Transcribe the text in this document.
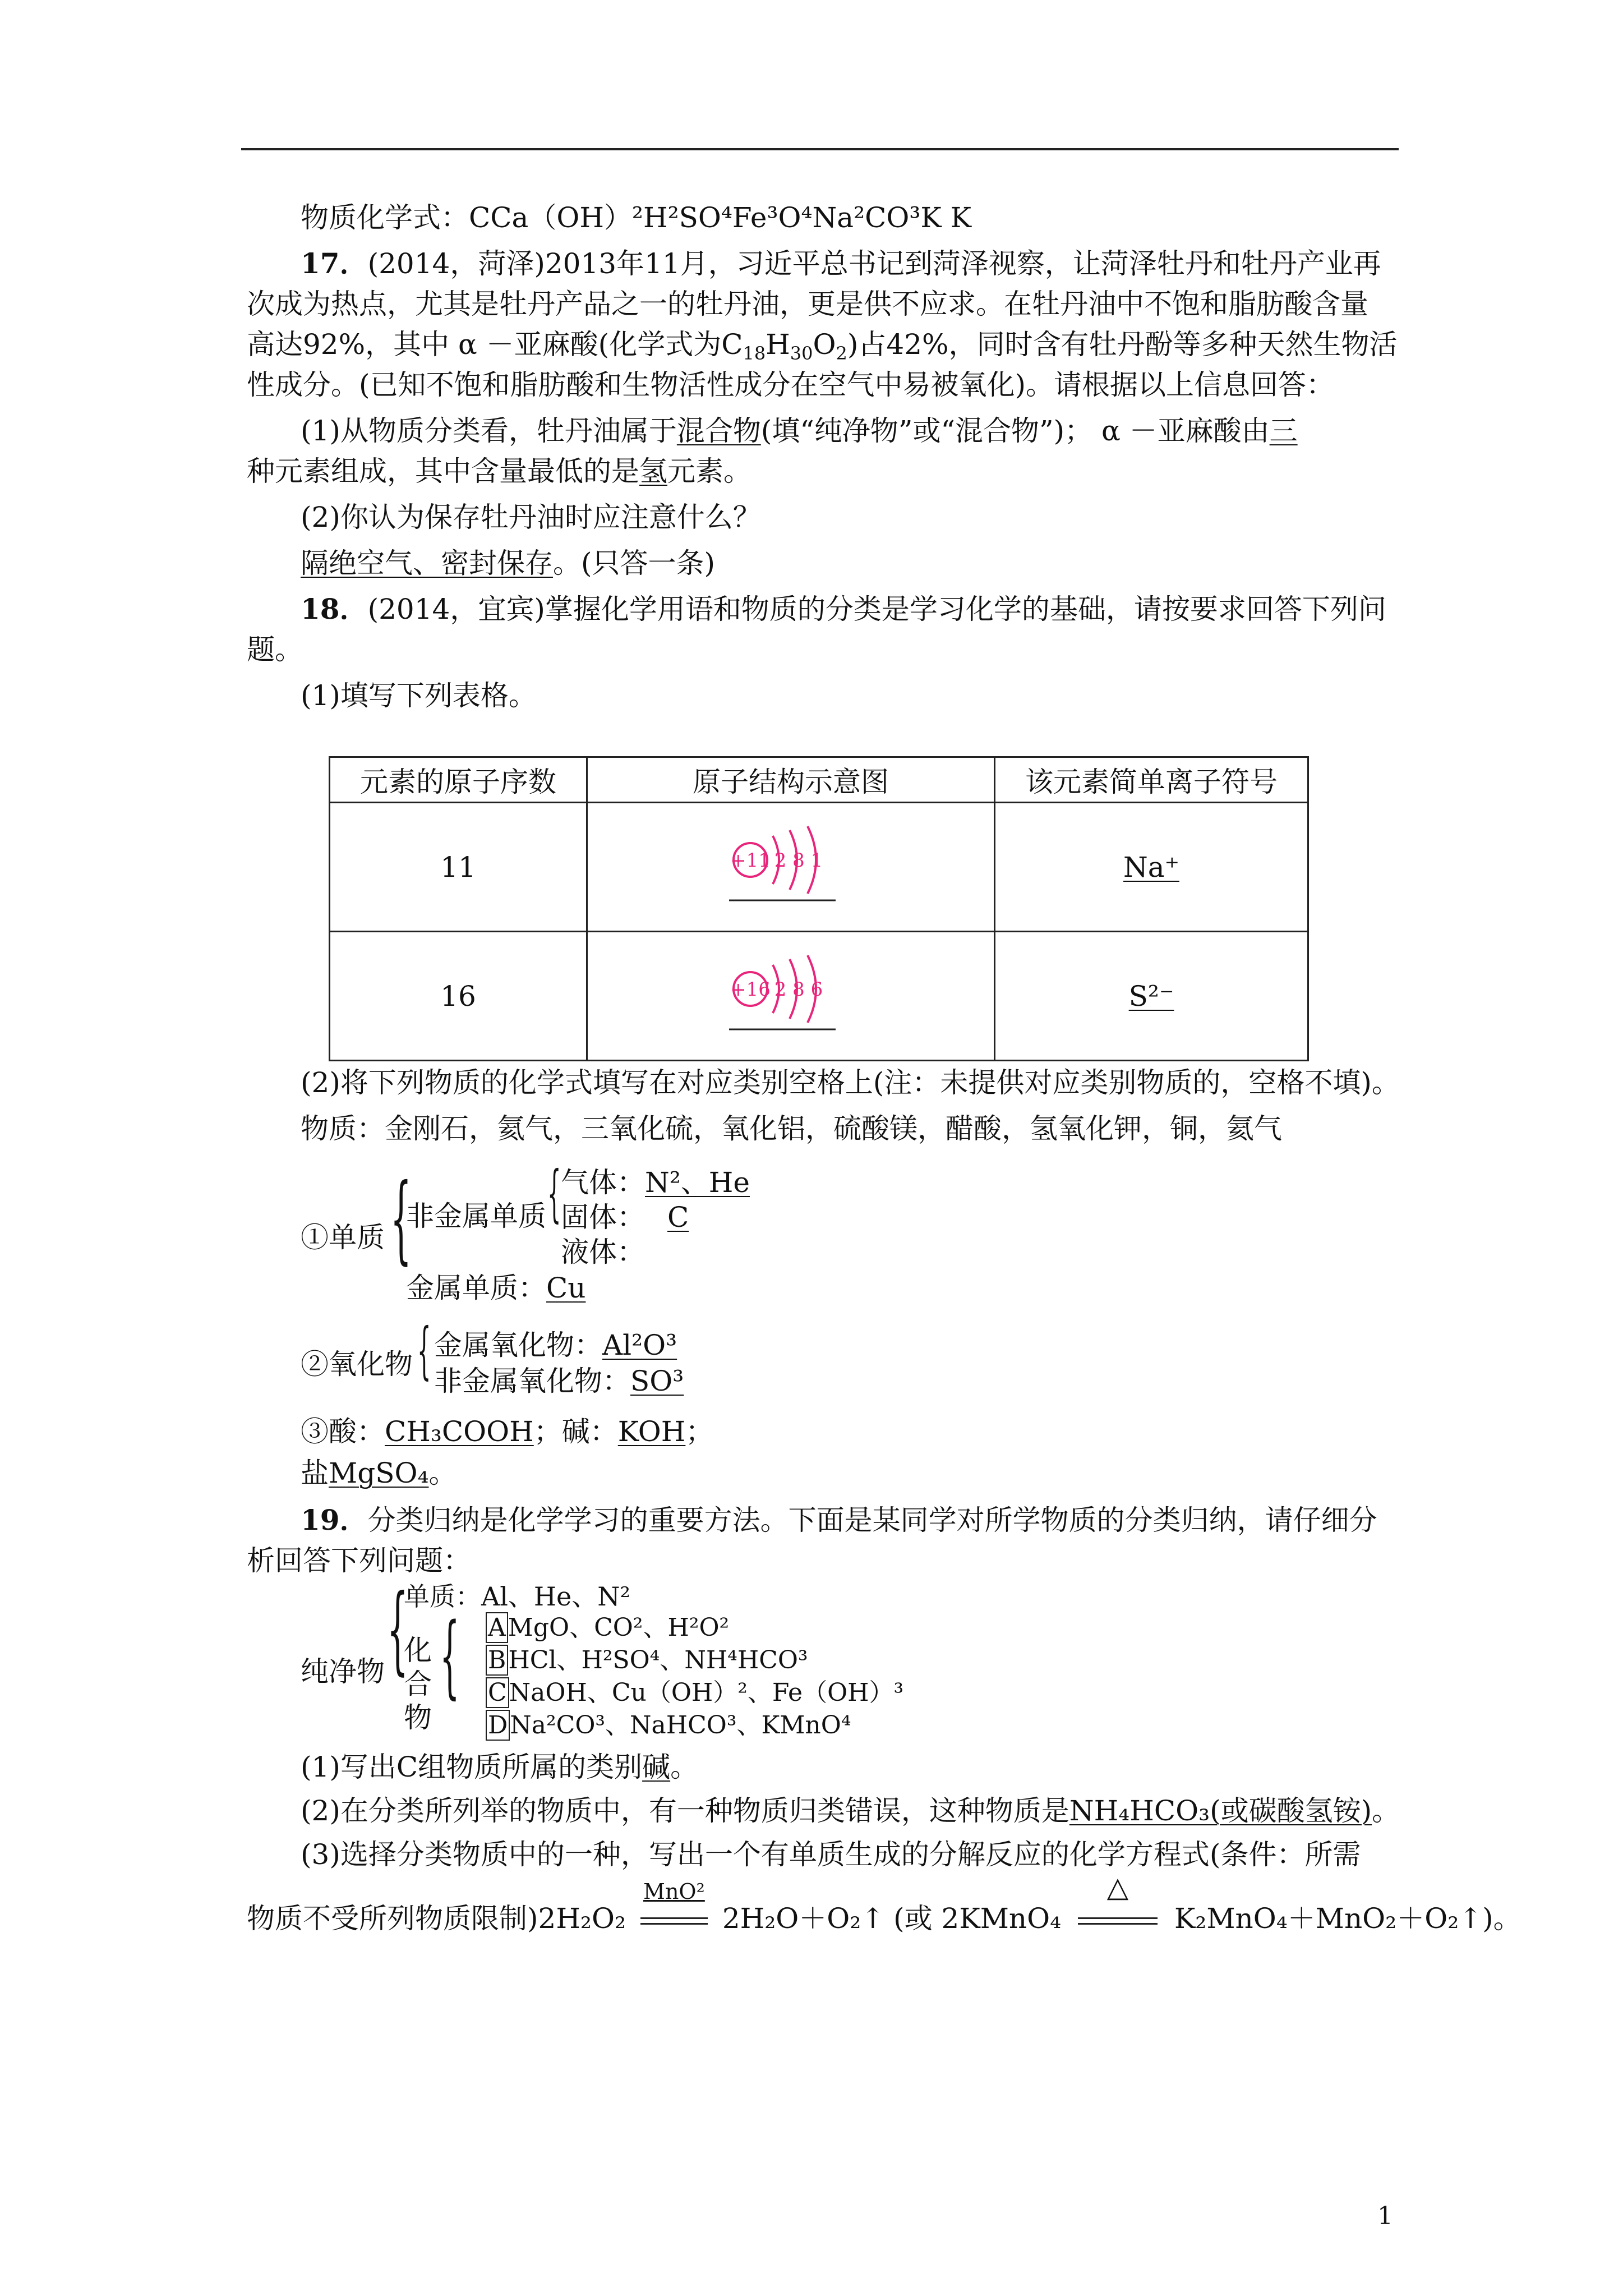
物质化学式：CCa（OH）²H²SO⁴Fe³O⁴Na²CO³K K
17．(2014，菏泽)2013年11月，习近平总书记到菏泽视察，让菏泽牡丹和牡丹产业再
次成为热点，尤其是牡丹产品之一的牡丹油，更是供不应求。在牡丹油中不饱和脂肪酸含量
高达92%，其中 α －亚麻酸(化学式为$C_{18}H_{30}O_2$)占42%，同时含有牡丹酚等多种天然生物活
性成分。(已知不饱和脂肪酸和生物活性成分在空气中易被氧化)。请根据以上信息回答：
(1)从物质分类看，牡丹油属于混合物(填“纯净物”或“混合物”)； α －亚麻酸由三
种元素组成，其中含量最低的是氢元素。
(2)你认为保存牡丹油时应注意什么？
隔绝空气、密封保存。(只答一条)
18．(2014，宜宾)掌握化学用语和物质的分类是学习化学的基础，请按要求回答下列问
题。
(1)填写下列表格。
元素的原子序数	原子结构示意图	该元素简单离子符号
11	+11 2 8 1	Na⁺
16	+16 2 8 6	S²⁻
(2)将下列物质的化学式填写在对应类别空格上(注：未提供对应类别物质的，空格不填)。
物质：金刚石，氦气，三氧化硫，氧化铝，硫酸镁，醋酸，氢氧化钾，铜，氦气
①单质 {
非金属单质 { 气体：N²、He
固体： C
液体：
金属单质：Cu
②氧化物 { 金属氧化物：Al²O³
非金属氧化物：SO³
③酸：CH₃COOH；碱：KOH；
盐MgSO₄。
19．分类归纳是化学学习的重要方法。下面是某同学对所学物质的分类归纳，请仔细分
析回答下列问题：
纯净物 {
单质：Al、He、N²
化
合
物
{ AMgO、CO²、H²O²
BHCl、H²SO⁴、NH⁴HCO³
CNaOH、Cu（OH）²、Fe（OH）³
DNa²CO³、NaHCO³、KMnO⁴
(1)写出C组物质所属的类别碱。
(2)在分类所列举的物质中，有一种物质归类错误，这种物质是NH₄HCO₃(或碳酸氢铵)。
(3)选择分类物质中的一种，写出一个有单质生成的分解反应的化学方程式(条件：所需
物质不受所列物质限制)2H₂O₂
MnO²
2H₂O＋O₂↑ (或 2KMnO₄
△
K₂MnO₄＋MnO₂＋O₂↑)。
1
